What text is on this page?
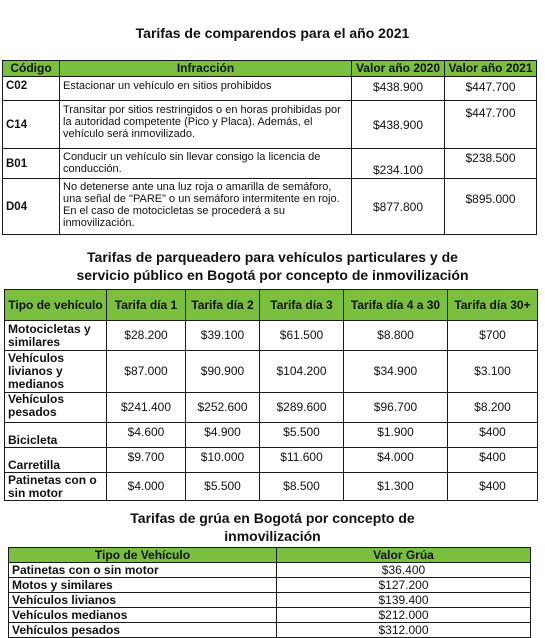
Tarifas de comparendos para el año 2021
Código	Infracción	Valor año 2020	Valor año 2021
C02	Estacionar un vehículo en sitios prohibidos	$438.900	$447.700
C14	Transitar por sitios restringidos o en horas prohibidas por la autoridad competente (Pico y Placa). Además, el vehículo será inmovilizado.	$438.900	$447.700
B01	Conducir un vehículo sin llevar consigo la licencia de conducción.	$234.100	$238.500
D04	No detenerse ante una luz roja o amarilla de semáforo, una señal de "PARE" o un semáforo intermitente en rojo. En el caso de motocicletas se procederá a su inmovilización.	$877.800	$895.000
Tarifas de parqueadero para vehículos particulares y de
servicio público en Bogotá por concepto de inmovilización
Tipo de vehículo	Tarifa día 1	Tarifa día 2	Tarifa día 3	Tarifa día 4 a 30	Tarifa día 30+
Motocicletas y similares	$28.200	$39.100	$61.500	$8.800	$700
Vehículos livianos y medianos	$87.000	$90.900	$104.200	$34.900	$3.100
Vehículos pesados	$241.400	$252.600	$289.600	$96.700	$8.200
Bicicleta	$4.600	$4.900	$5.500	$1.900	$400
Carretilla	$9.700	$10.000	$11.600	$4.000	$400
Patinetas con o sin motor	$4.000	$5.500	$8.500	$1.300	$400
Tarifas de grúa en Bogotá por concepto de
inmovilización
Tipo de Vehículo	Valor Grúa
Patinetas con o sin motor	$36.400
Motos y similares	$127.200
Vehículos livianos	$139.400
Vehículos medianos	$212.000
Vehículos pesados	$312.000
